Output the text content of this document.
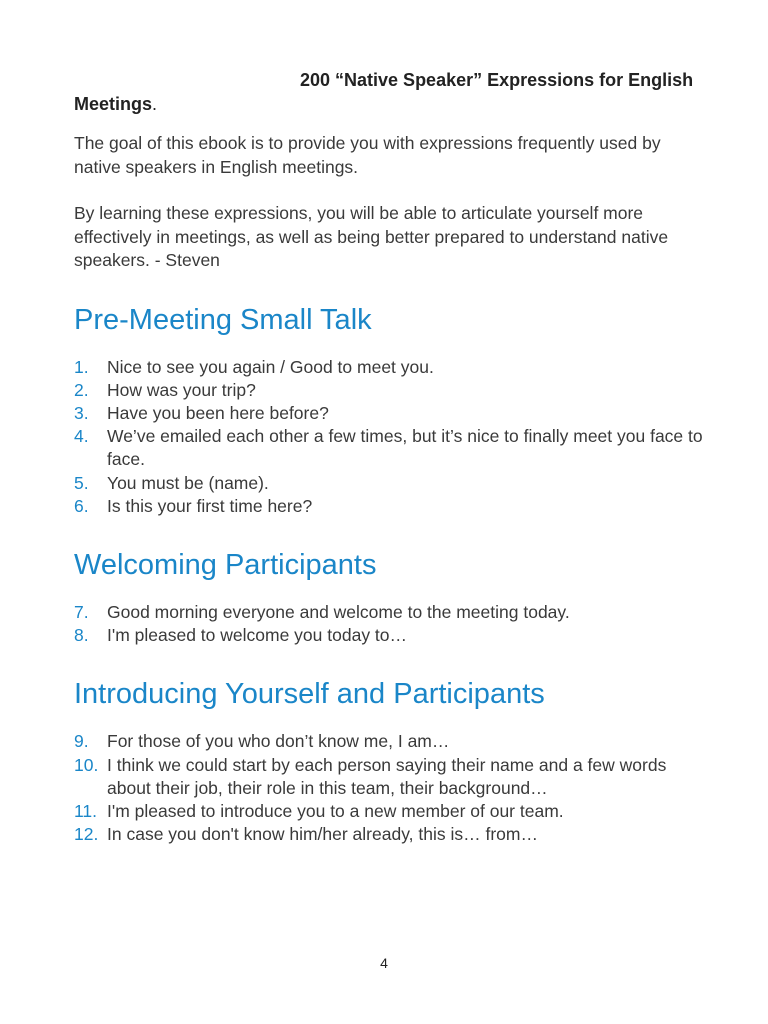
200 “Native Speaker” Expressions for English Meetings.

The goal of this ebook is to provide you with expressions frequently used by native speakers in English meetings.

By learning these expressions, you will be able to articulate yourself more effectively in meetings, as well as being better prepared to understand native speakers. - Steven

Pre-Meeting Small Talk
1. Nice to see you again / Good to meet you.
2. How was your trip?
3. Have you been here before?
4. We’ve emailed each other a few times, but it’s nice to finally meet you face to face.
5. You must be (name).
6. Is this your first time here?
Welcoming Participants
7. Good morning everyone and welcome to the meeting today.
8. I'm pleased to welcome you today to…
Introducing Yourself and Participants
9. For those of you who don’t know me, I am…
10. I think we could start by each person saying their name and a few words about their job, their role in this team, their background…
11. I'm pleased to introduce you to a new member of our team.
12. In case you don't know him/her already, this is… from…
4
